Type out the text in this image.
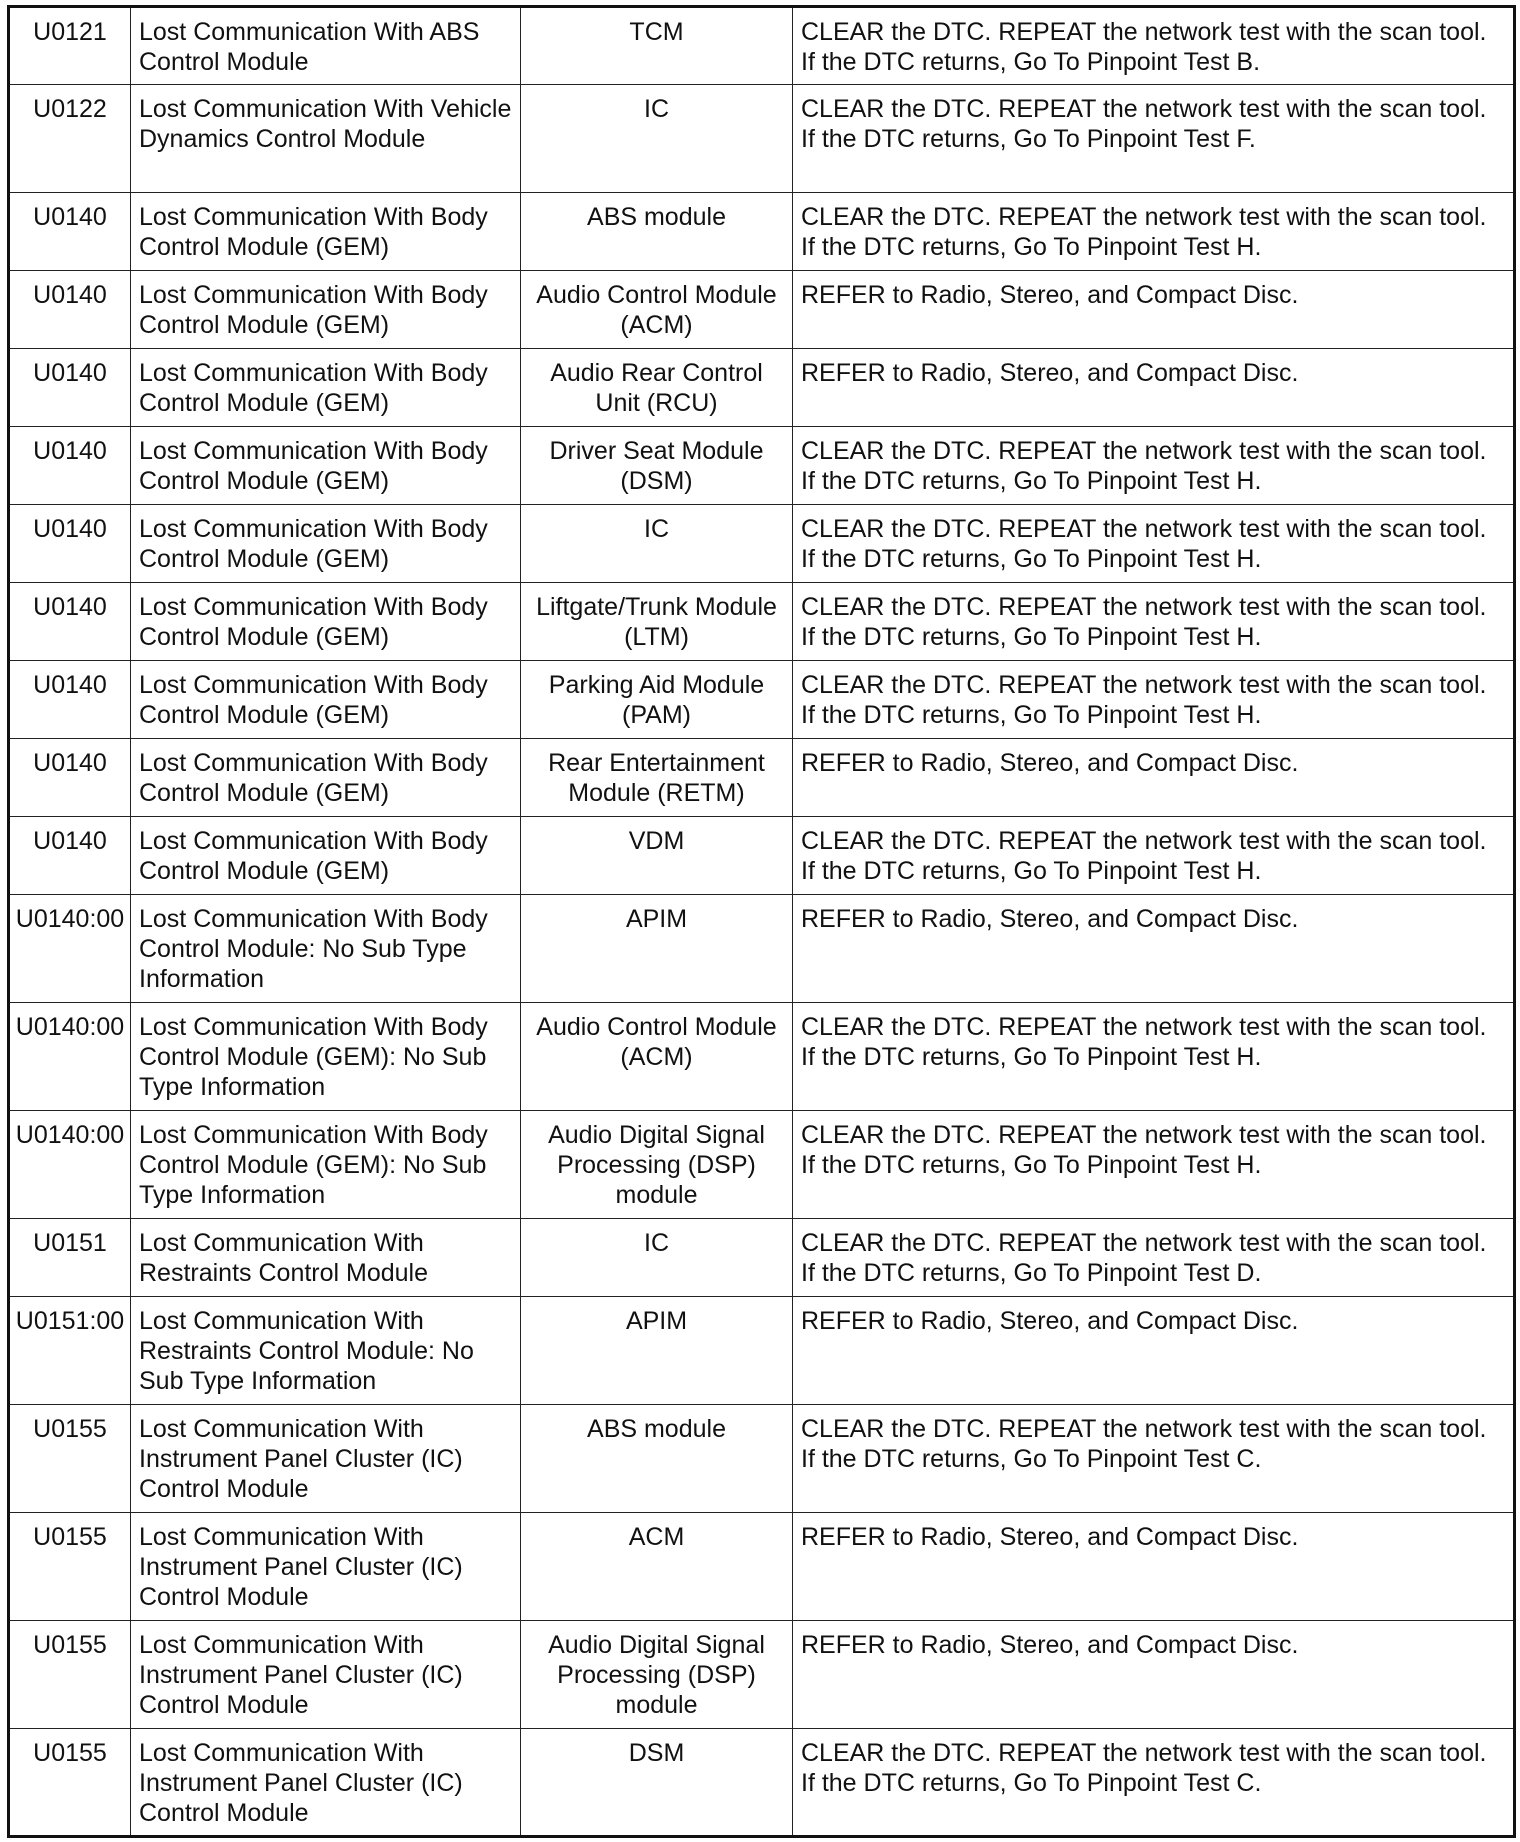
U0121	Lost Communication With ABS Control Module	TCM	CLEAR the DTC. REPEAT the network test with the scan tool. If the DTC returns, Go To Pinpoint Test B.
U0122	Lost Communication With Vehicle Dynamics Control Module	IC	CLEAR the DTC. REPEAT the network test with the scan tool. If the DTC returns, Go To Pinpoint Test F.
U0140	Lost Communication With Body Control Module (GEM)	ABS module	CLEAR the DTC. REPEAT the network test with the scan tool. If the DTC returns, Go To Pinpoint Test H.
U0140	Lost Communication With Body Control Module (GEM)	Audio Control Module (ACM)	REFER to Radio, Stereo, and Compact Disc.
U0140	Lost Communication With Body Control Module (GEM)	Audio Rear Control Unit (RCU)	REFER to Radio, Stereo, and Compact Disc.
U0140	Lost Communication With Body Control Module (GEM)	Driver Seat Module (DSM)	CLEAR the DTC. REPEAT the network test with the scan tool. If the DTC returns, Go To Pinpoint Test H.
U0140	Lost Communication With Body Control Module (GEM)	IC	CLEAR the DTC. REPEAT the network test with the scan tool. If the DTC returns, Go To Pinpoint Test H.
U0140	Lost Communication With Body Control Module (GEM)	Liftgate/Trunk Module (LTM)	CLEAR the DTC. REPEAT the network test with the scan tool. If the DTC returns, Go To Pinpoint Test H.
U0140	Lost Communication With Body Control Module (GEM)	Parking Aid Module (PAM)	CLEAR the DTC. REPEAT the network test with the scan tool. If the DTC returns, Go To Pinpoint Test H.
U0140	Lost Communication With Body Control Module (GEM)	Rear Entertainment Module (RETM)	REFER to Radio, Stereo, and Compact Disc.
U0140	Lost Communication With Body Control Module (GEM)	VDM	CLEAR the DTC. REPEAT the network test with the scan tool. If the DTC returns, Go To Pinpoint Test H.
U0140:00	Lost Communication With Body Control Module: No Sub Type Information	APIM	REFER to Radio, Stereo, and Compact Disc.
U0140:00	Lost Communication With Body Control Module (GEM): No Sub Type Information	Audio Control Module (ACM)	CLEAR the DTC. REPEAT the network test with the scan tool. If the DTC returns, Go To Pinpoint Test H.
U0140:00	Lost Communication With Body Control Module (GEM): No Sub Type Information	Audio Digital Signal Processing (DSP) module	CLEAR the DTC. REPEAT the network test with the scan tool. If the DTC returns, Go To Pinpoint Test H.
U0151	Lost Communication With Restraints Control Module	IC	CLEAR the DTC. REPEAT the network test with the scan tool. If the DTC returns, Go To Pinpoint Test D.
U0151:00	Lost Communication With Restraints Control Module: No Sub Type Information	APIM	REFER to Radio, Stereo, and Compact Disc.
U0155	Lost Communication With Instrument Panel Cluster (IC) Control Module	ABS module	CLEAR the DTC. REPEAT the network test with the scan tool. If the DTC returns, Go To Pinpoint Test C.
U0155	Lost Communication With Instrument Panel Cluster (IC) Control Module	ACM	REFER to Radio, Stereo, and Compact Disc.
U0155	Lost Communication With Instrument Panel Cluster (IC) Control Module	Audio Digital Signal Processing (DSP) module	REFER to Radio, Stereo, and Compact Disc.
U0155	Lost Communication With Instrument Panel Cluster (IC) Control Module	DSM	CLEAR the DTC. REPEAT the network test with the scan tool. If the DTC returns, Go To Pinpoint Test C.
